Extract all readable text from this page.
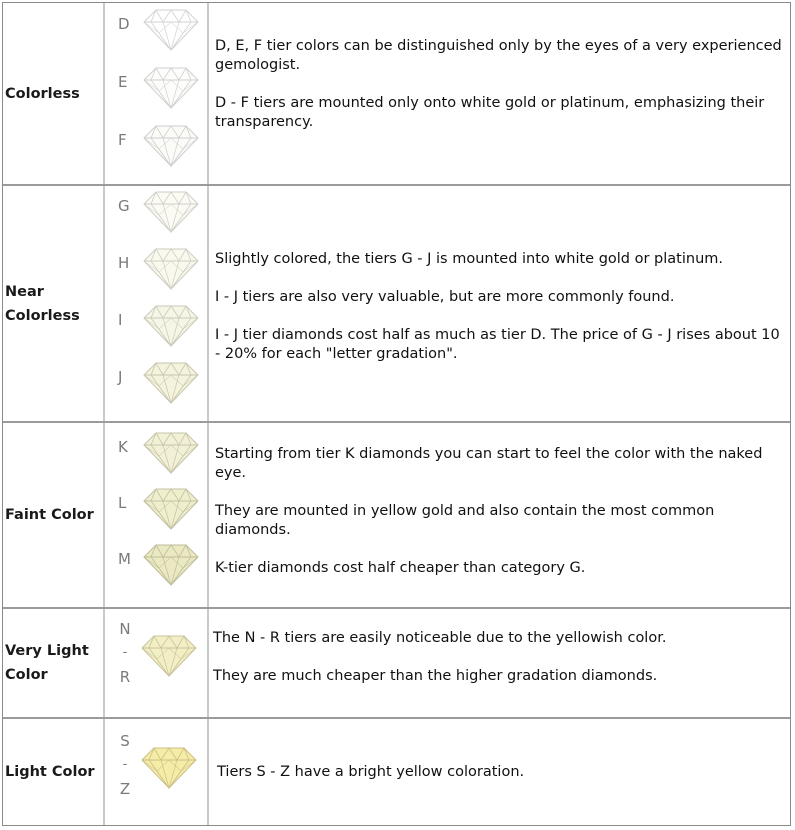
Colorless
D
E
F

D, E, F tier colors can be distinguished only by the eyes of a very experienced gemologist.

D - F tiers are mounted only onto white gold or platinum, emphasizing their transparency.

Near Colorless
G
H
I
J

Slightly colored, the tiers G - J is mounted into white gold or platinum.

I - J tiers are also very valuable, but are more commonly found.

I - J tier diamonds cost half as much as tier D. The price of G - J rises about 10 - 20% for each "letter gradation".

Faint Color
K
L
M

Starting from tier K diamonds you can start to feel the color with the naked eye.

They are mounted in yellow gold and also contain the most common diamonds.

K-tier diamonds cost half cheaper than category G.

Very Light Color
N
-
R

The N - R tiers are easily noticeable due to the yellowish color.

They are much cheaper than the higher gradation diamonds.

Light Color
S
-
Z

Tiers S - Z have a bright yellow coloration.
